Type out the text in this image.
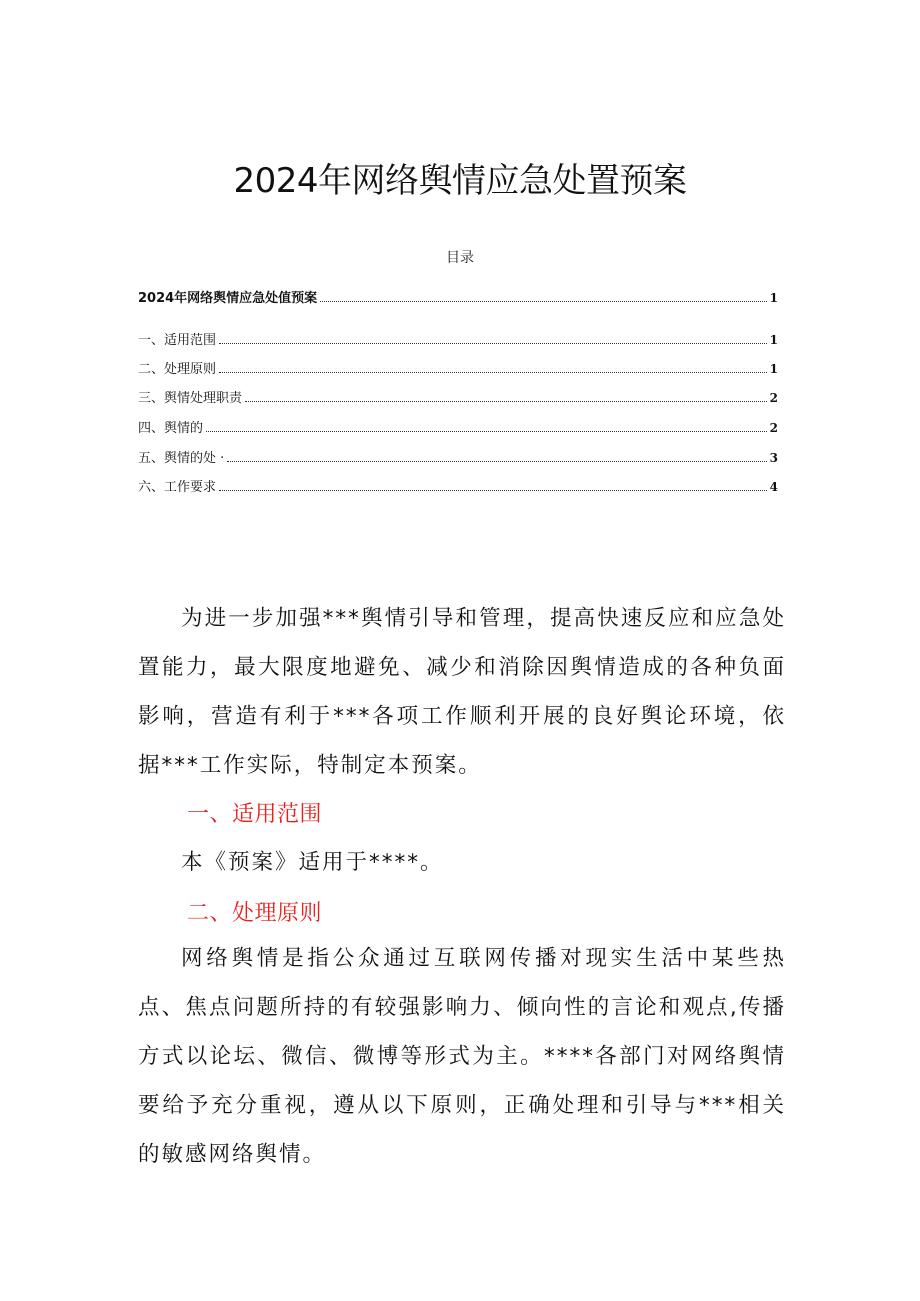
2024年网络舆情应急处置预案
目录
2024年网络舆情应急处值预案	1
一、适用范围	1
二、处理原则	1
三、舆情处理职责	2
四、舆情的	2
五、舆情的处 ·	3
六、工作要求	4

为进一步加强***舆情引导和管理，提高快速反应和应急处置能力，最大限度地避免、减少和消除因舆情造成的各种负面影响，营造有利于***各项工作顺利开展的良好舆论环境，依据***工作实际，特制定本预案。

一、适用范围
本《预案》适用于****。
二、处理原则

网络舆情是指公众通过互联网传播对现实生活中某些热点、焦点问题所持的有较强影响力、倾向性的言论和观点,传播方式以论坛、微信、微博等形式为主。****各部门对网络舆情要给予充分重视，遵从以下原则，正确处理和引导与***相关的敏感网络舆情。
